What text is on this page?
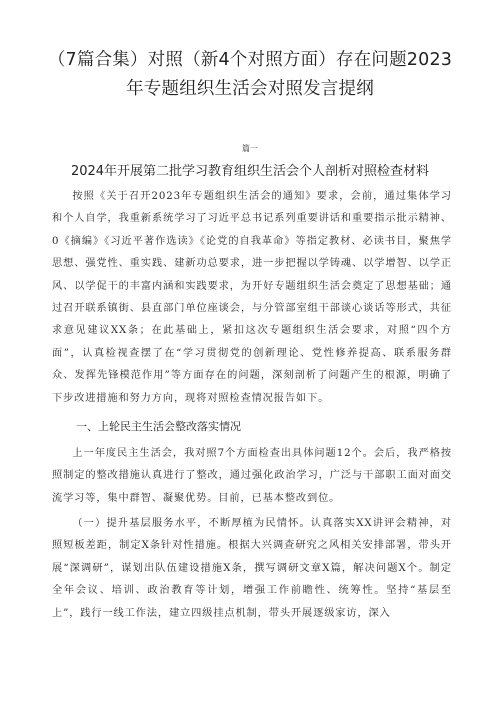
（7篇合集）对照（新4个对照方面）存在问题2023年专题组织生活会对照发言提纲
篇一
2024年开展第二批学习教育组织生活会个人剖析对照检查材料
按照《关于召开2023年专题组织生活会的通知》要求，会前，通过集体学习和个人自学，我重新系统学习了习近平总书记系列重要讲话和重要指示批示精神、0《摘编》《习近平著作选读》《论党的自我革命》等指定教材、必读书目，聚焦学思想、强党性、重实践、建新功总要求，进一步把握以学铸魂、以学增智、以学正风、以学促干的丰富内涵和实践要求，为开好专题组织生活会奠定了思想基础；通过召开联系镇街、县直部门单位座谈会，与分管部室组干部谈心谈话等形式，共征求意见建议XX条；在此基础上，紧扣这次专题组织生活会要求，对照“四个方面”，认真检视查摆了在“学习贯彻党的创新理论、党性修养提高、联系服务群众、发挥先锋模范作用”等方面存在的问题，深刻剖析了问题产生的根源，明确了下步改进措施和努力方向，现将对照检查情况报告如下。
一、上轮民主生活会整改落实情况
上一年度民主生活会，我对照7个方面检查出具体问题12个。会后，我严格按照制定的整改措施认真进行了整改，通过强化政治学习，广泛与干部职工面对面交流学习等，集中群智、凝聚优势。目前，已基本整改到位。
（一）提升基层服务水平，不断厚植为民情怀。认真落实XX讲评会精神，对照短板差距，制定X条针对性措施。根据大兴调查研究之风相关安排部署，带头开展“深调研”，谋划出队伍建设措施X条，撰写调研文章X篇，解决问题X个。制定全年会议、培训、政治教育等计划，增强工作前瞻性、统筹性。坚持“基层至上”，践行一线工作法，建立四级挂点机制，带头开展逐级家访，深入
